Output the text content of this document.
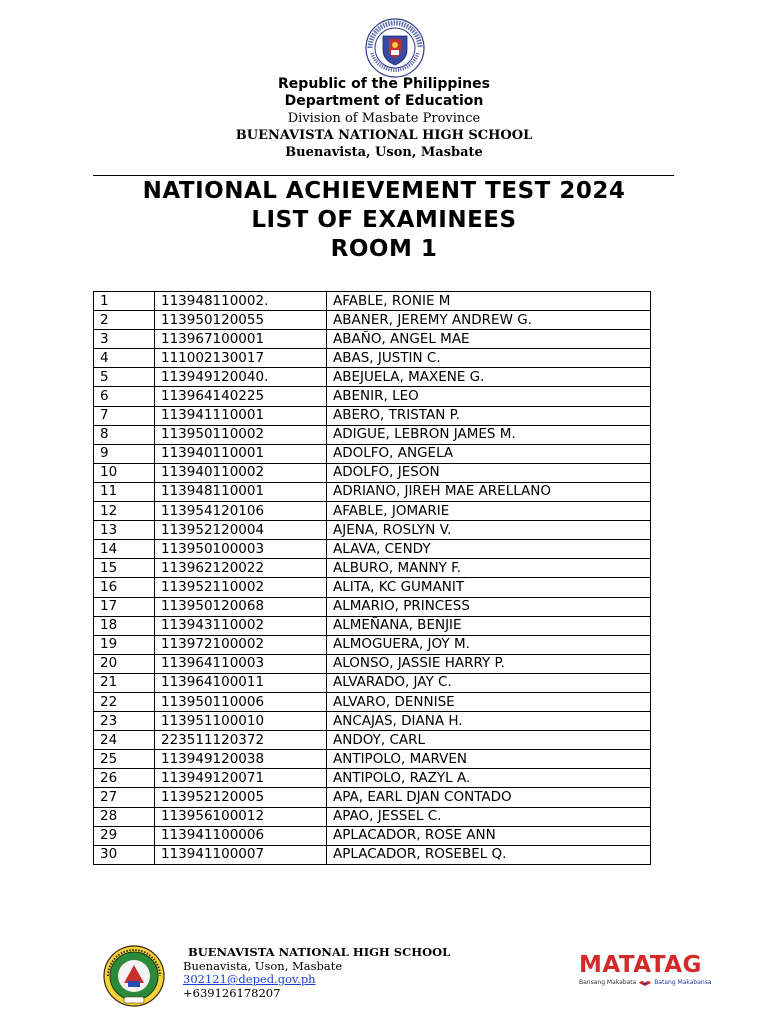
Republic of the Philippines
Department of Education
Division of Masbate Province
BUENAVISTA NATIONAL HIGH SCHOOL
Buenavista, Uson, Masbate
NATIONAL ACHIEVEMENT TEST 2024
LIST OF EXAMINEES
ROOM 1
1	113948110002.	AFABLE, RONIE M
2	113950120055	ABANER, JEREMY ANDREW G.
3	113967100001	ABAÑO, ANGEL MAE
4	111002130017	ABAS, JUSTIN C.
5	113949120040.	ABEJUELA, MAXENE G.
6	113964140225	ABENIR, LEO
7	113941110001	ABERO, TRISTAN P.
8	113950110002	ADIGUE, LEBRON JAMES M.
9	113940110001	ADOLFO, ANGELA
10	113940110002	ADOLFO, JESON
11	113948110001	ADRIANO, JIREH MAE ARELLANO
12	113954120106	AFABLE, JOMARIE
13	113952120004	AJENA, ROSLYN V.
14	113950100003	ALAVA, CENDY
15	113962120022	ALBURO, MANNY F.
16	113952110002	ALITA, KC GUMANIT
17	113950120068	ALMARIO, PRINCESS
18	113943110002	ALMEÑANA, BENJIE
19	113972100002	ALMOGUERA, JOY M.
20	113964110003	ALONSO, JASSIE HARRY P.
21	113964100011	ALVARADO, JAY C.
22	113950110006	ALVARO, DENNISE
23	113951100010	ANCAJAS, DIANA H.
24	223511120372	ANDOY, CARL
25	113949120038	ANTIPOLO, MARVEN
26	113949120071	ANTIPOLO, RAZYL A.
27	113952120005	APA, EARL DJAN CONTADO
28	113956100012	APAO, JESSEL C.
29	113941100006	APLACADOR, ROSE ANN
30	113941100007	APLACADOR, ROSEBEL Q.
BUENAVISTA NATIONAL HIGH SCHOOL
Buenavista, Uson, Masbate
302121@deped.gov.ph
+639126178207
MATATAG
Bansang Makabata	Batang Makabansa
